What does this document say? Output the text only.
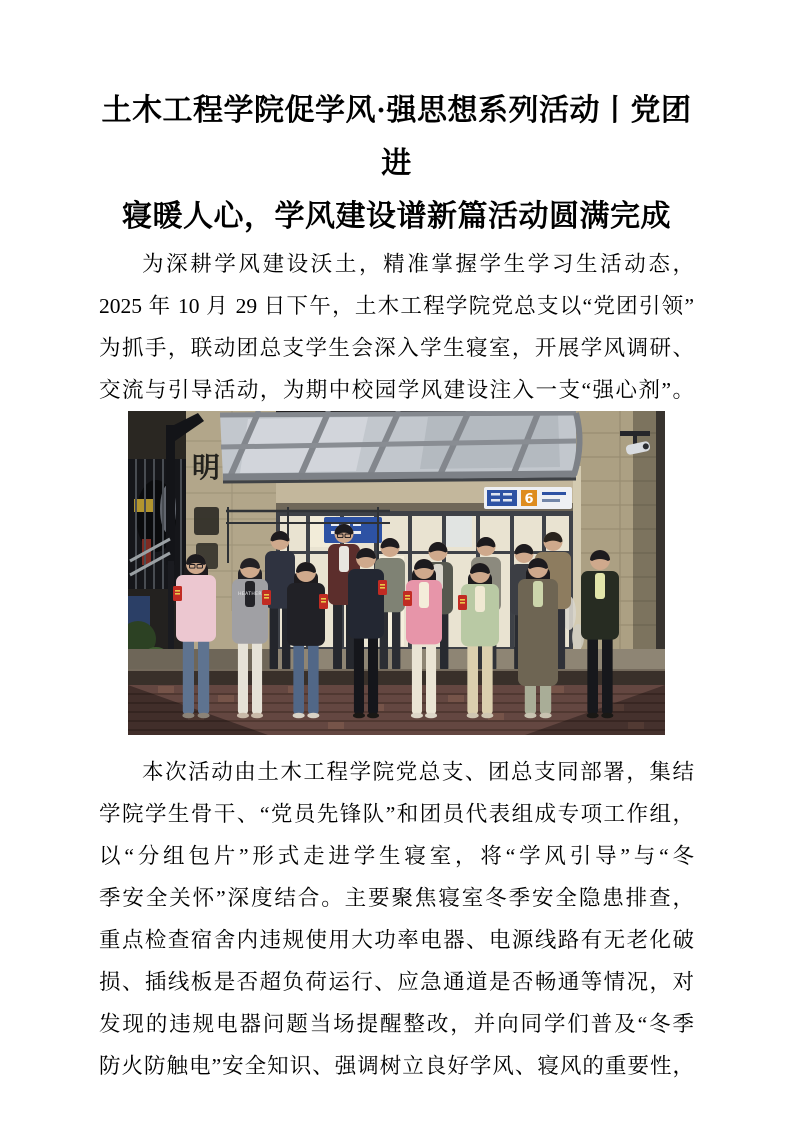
土木工程学院促学风·强思想系列活动丨党团进
寝暖人心，学风建设谱新篇活动圆满完成
为深耕学风建设沃土，精准掌握学生学习生活动态，
2025 年 10 月 29 日下午，土木工程学院党总支以“党团引领”
为抓手，联动团总支学生会深入学生寝室，开展学风调研、
交流与引导活动，为期中校园学风建设注入一支“强心剂”。
6
明
HEATHER
本次活动由土木工程学院党总支、团总支同部署，集结
学院学生骨干、“党员先锋队”和团员代表组成专项工作组，
以“分组包片”形式走进学生寝室，将“学风引导”与“冬
季安全关怀”深度结合。主要聚焦寝室冬季安全隐患排查，
重点检查宿舍内违规使用大功率电器、电源线路有无老化破
损、插线板是否超负荷运行、应急通道是否畅通等情况，对
发现的违规电器问题当场提醒整改，并向同学们普及“冬季
防火防触电”安全知识、强调树立良好学风、寝风的重要性，
